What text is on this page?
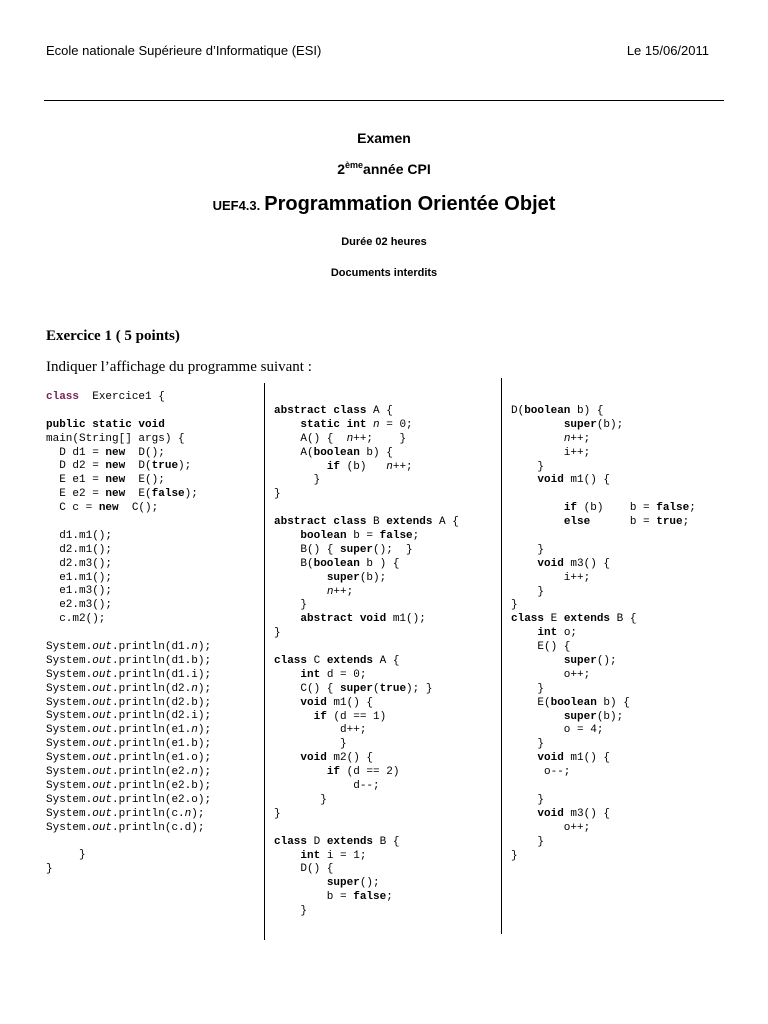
Ecole nationale Supérieure d’Informatique (ESI)	Le 15/06/2011
Examen
2èmeannée CPI
UEF4.3. Programmation Orientée Objet
Durée 02 heures
Documents interdits
Exercice 1 ( 5 points)
Indiquer l’affichage du programme suivant :
class  Exercice1 {
public static void
main(String[] args) {
D d1 = new  D();
D d2 = new  D(true);
E e1 = new  E();
E e2 = new  E(false);
C c = new  C();
d1.m1();
d2.m1();
d2.m3();
e1.m1();
e1.m3();
e2.m3();
c.m2();
System.out.println(d1.n);
System.out.println(d1.b);
System.out.println(d1.i);
System.out.println(d2.n);
System.out.println(d2.b);
System.out.println(d2.i);
System.out.println(e1.n);
System.out.println(e1.b);
System.out.println(e1.o);
System.out.println(e2.n);
System.out.println(e2.b);
System.out.println(e2.o);
System.out.println(c.n);
System.out.println(c.d);
}
}
abstract class A {
static int n = 0;
A() {  n++;    }
A(boolean b) {
if (b)   n++;
}
}
abstract class B extends A {
boolean b = false;
B() { super();  }
B(boolean b ) {
super(b);
n++;
}
abstract void m1();
}
class C extends A {
int d = 0;
C() { super(true); }
void m1() {
if (d == 1)
d++;
}
void m2() {
if (d == 2)
d--;
}
}
class D extends B {
int i = 1;
D() {
super();
b = false;
}
D(boolean b) {
super(b);
n++;
i++;
}
void m1() {
if (b)    b = false;
else      b = true;
}
void m3() {
i++;
}
}
class E extends B {
int o;
E() {
super();
o++;
}
E(boolean b) {
super(b);
o = 4;
}
void m1() {
o--;
}
void m3() {
o++;
}
}
